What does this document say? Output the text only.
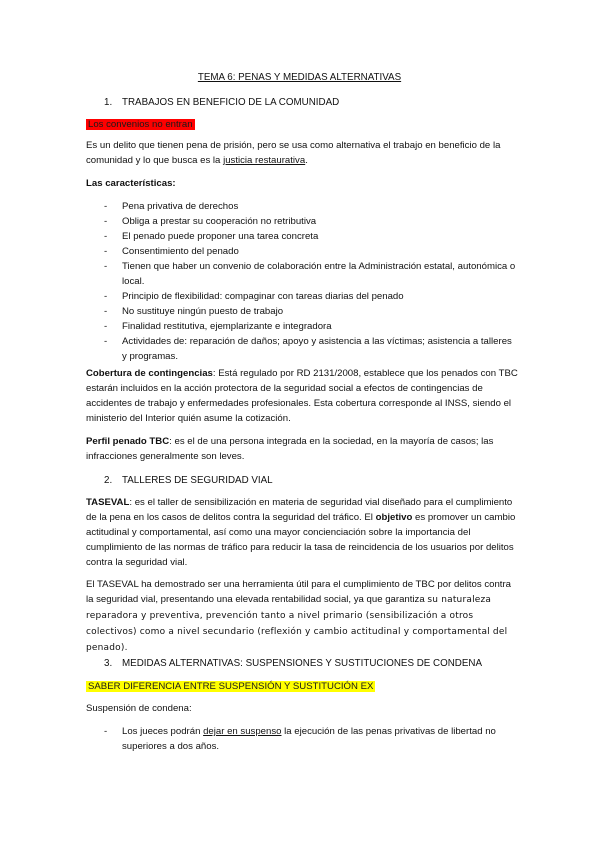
TEMA 6: PENAS Y MEDIDAS ALTERNATIVAS
1. TRABAJOS EN BENEFICIO DE LA COMUNIDAD
Los convenios no entran
Es un delito que tienen pena de prisión, pero se usa como alternativa el trabajo en beneficio de la comunidad y lo que busca es la justicia restaurativa.
Las características:
- Pena privativa de derechos
- Obliga a prestar su cooperación no retributiva
- El penado puede proponer una tarea concreta
- Consentimiento del penado
- Tienen que haber un convenio de colaboración entre la Administración estatal, autonómica o local.
- Principio de flexibilidad: compaginar con tareas diarias del penado
- No sustituye ningún puesto de trabajo
- Finalidad restitutiva, ejemplarizante e integradora
- Actividades de: reparación de daños; apoyo y asistencia a las víctimas; asistencia a talleres y programas.
Cobertura de contingencias: Está regulado por RD 2131/2008, establece que los penados con TBC estarán incluidos en la acción protectora de la seguridad social a efectos de contingencias de accidentes de trabajo y enfermedades profesionales. Esta cobertura corresponde al INSS, siendo el ministerio del Interior quién asume la cotización.
Perfil penado TBC: es el de una persona integrada en la sociedad, en la mayoría de casos; las infracciones generalmente son leves.
2. TALLERES DE SEGURIDAD VIAL
TASEVAL: es el taller de sensibilización en materia de seguridad vial diseñado para el cumplimiento de la pena en los casos de delitos contra la seguridad del tráfico. El objetivo es promover un cambio actitudinal y comportamental, así como una mayor concienciación sobre la importancia del cumplimiento de las normas de tráfico para reducir la tasa de reincidencia de los usuarios por delitos contra la seguridad vial.
El TASEVAL ha demostrado ser una herramienta útil para el cumplimiento de TBC por delitos contra la seguridad vial, presentando una elevada rentabilidad social, ya que garantiza su naturaleza reparadora y preventiva, prevención tanto a nivel primario (sensibilización a otros colectivos) como a nivel secundario (reflexión y cambio actitudinal y comportamental del penado).
3. MEDIDAS ALTERNATIVAS: SUSPENSIONES Y SUSTITUCIONES DE CONDENA
SABER DIFERENCIA ENTRE SUSPENSIÓN Y SUSTITUCIÓN EX
Suspensión de condena:
- Los jueces podrán dejar en suspenso la ejecución de las penas privativas de libertad no superiores a dos años.
